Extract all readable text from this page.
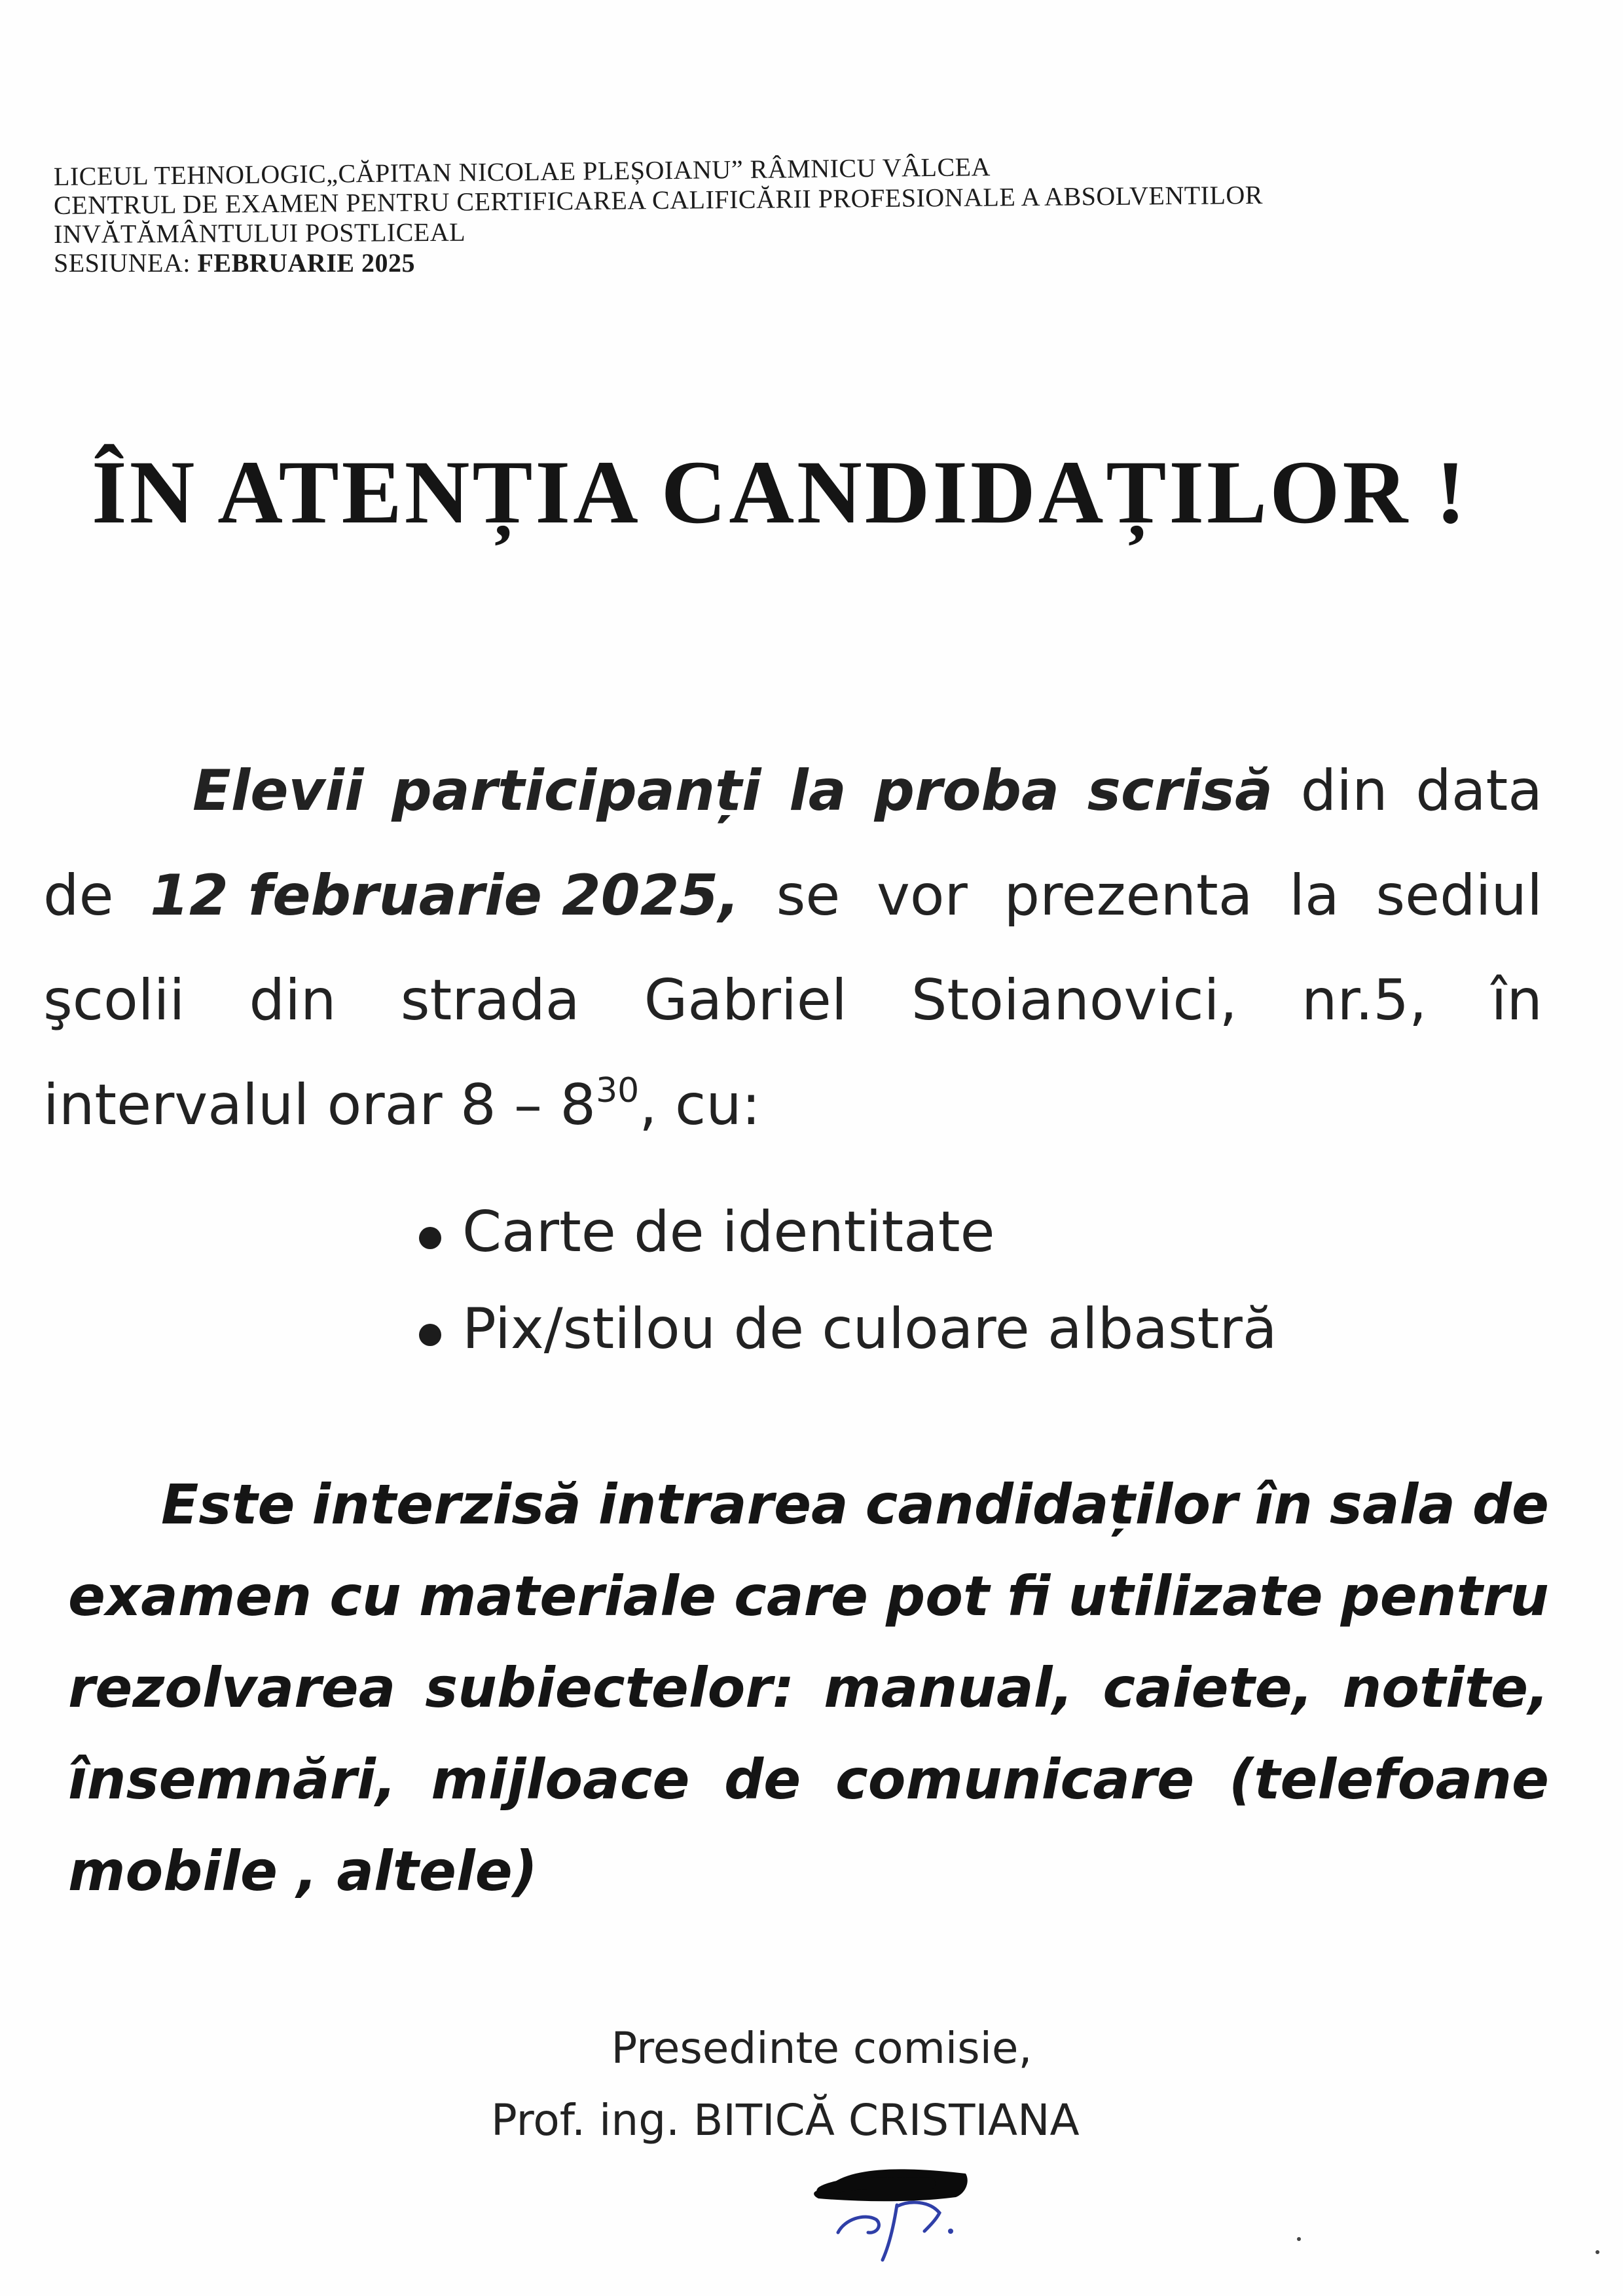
LICEUL TEHNOLOGIC„CĂPITAN NICOLAE PLEȘOIANU” RÂMNICU VÂLCEA
CENTRUL DE EXAMEN PENTRU CERTIFICAREA CALIFICĂRII PROFESIONALE A ABSOLVENTILOR
INVĂTĂMÂNTULUI POSTLICEAL
SESIUNEA: FEBRUARIE 2025
ÎN ATENȚIA CANDIDAȚILOR !
Elevii participanți la proba scrisă din data
de 12 februarie 2025, se vor prezenta la sediul
şcolii din strada Gabriel Stoianovici, nr.5, în
intervalul orar $8 - 8^{30}$, cu:
Carte de identitate
Pix/stilou de culoare albastră
Este interzisă intrarea candidaților în sala de
examen cu materiale care pot fi utilizate pentru
rezolvarea subiectelor: manual, caiete, notite,
însemnări, mijloace de comunicare (telefoane
mobile , altele)
Presedinte comisie,
Prof. ing. BITICĂ CRISTIANA
